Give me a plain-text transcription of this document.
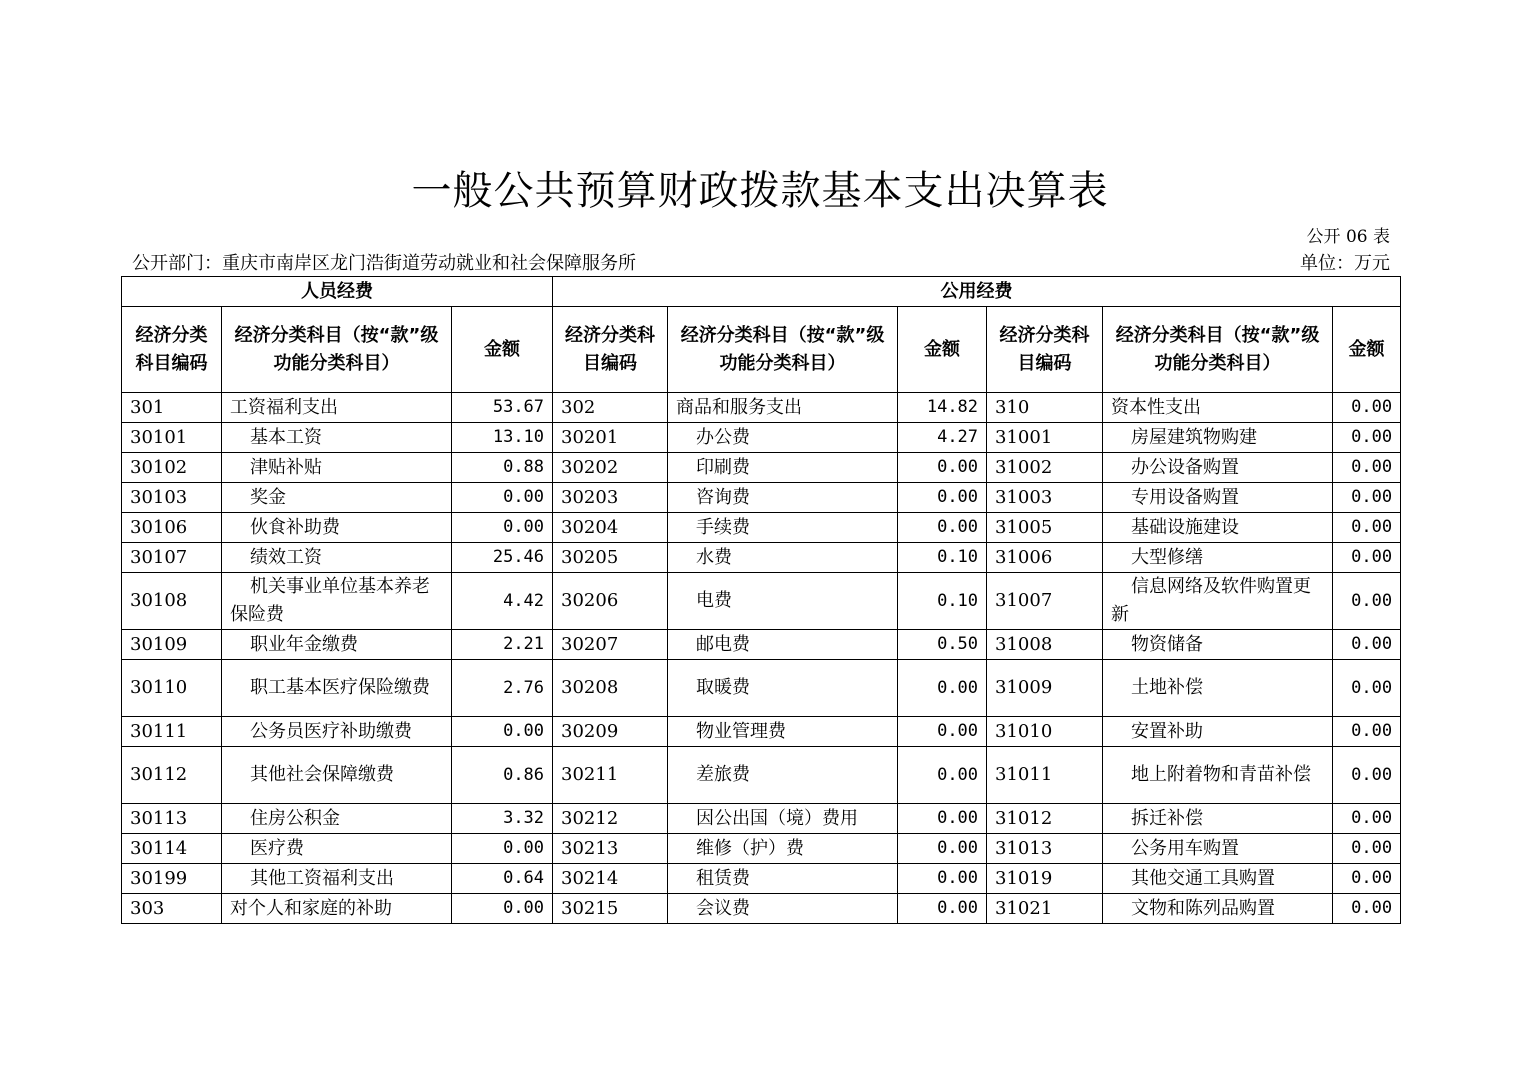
一般公共预算财政拨款基本支出决算表
公开 06 表
公开部门：重庆市南岸区龙门浩街道劳动就业和社会保障服务所	单位：万元
人员经费			公用经费					
经济分类科目编码	经济分类科目（按“款”级功能分类科目）	金额	经济分类科目编码	经济分类科目（按“款”级功能分类科目）	金额	经济分类科目编码	经济分类科目（按“款”级功能分类科目）	金额
301	工资福利支出	53.67	302	商品和服务支出	14.82	310	资本性支出	0.00
30101	基本工资	13.10	30201	办公费	4.27	31001	房屋建筑物购建	0.00
30102	津贴补贴	0.88	30202	印刷费	0.00	31002	办公设备购置	0.00
30103	奖金	0.00	30203	咨询费	0.00	31003	专用设备购置	0.00
30106	伙食补助费	0.00	30204	手续费	0.00	31005	基础设施建设	0.00
30107	绩效工资	25.46	30205	水费	0.10	31006	大型修缮	0.00
30108	机关事业单位基本养老保险费	4.42	30206	电费	0.10	31007	信息网络及软件购置更新	0.00
30109	职业年金缴费	2.21	30207	邮电费	0.50	31008	物资储备	0.00
30110	职工基本医疗保险缴费	2.76	30208	取暖费	0.00	31009	土地补偿	0.00
30111	公务员医疗补助缴费	0.00	30209	物业管理费	0.00	31010	安置补助	0.00
30112	其他社会保障缴费	0.86	30211	差旅费	0.00	31011	地上附着物和青苗补偿	0.00
30113	住房公积金	3.32	30212	因公出国（境）费用	0.00	31012	拆迁补偿	0.00
30114	医疗费	0.00	30213	维修（护）费	0.00	31013	公务用车购置	0.00
30199	其他工资福利支出	0.64	30214	租赁费	0.00	31019	其他交通工具购置	0.00
303	对个人和家庭的补助	0.00	30215	会议费	0.00	31021	文物和陈列品购置	0.00
